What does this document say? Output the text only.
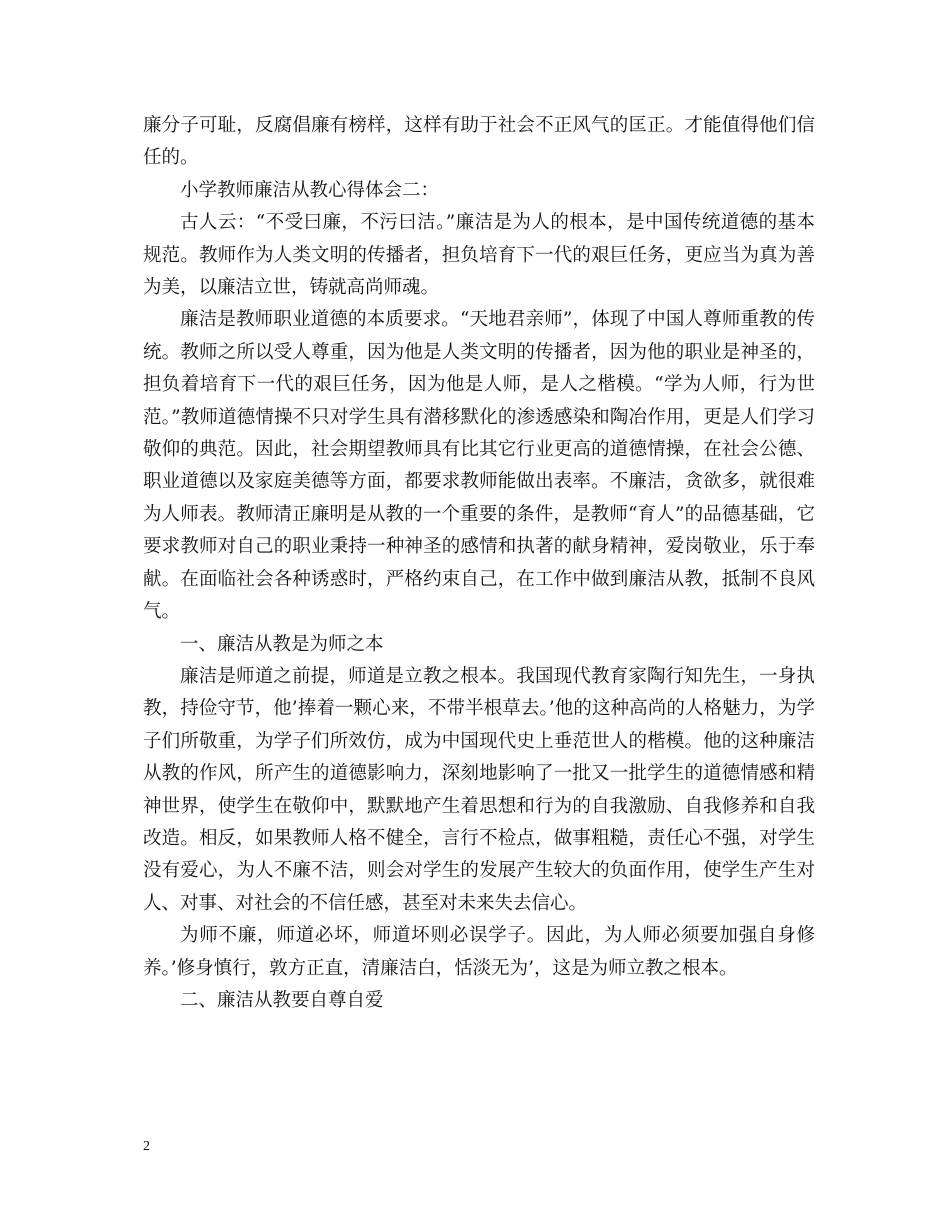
廉分子可耻，反腐倡廉有榜样，这样有助于社会不正风气的匡正。才能值得他们信任的。

小学教师廉洁从教心得体会二：

古人云：“不受曰廉，不污曰洁。”廉洁是为人的根本，是中国传统道德的基本规范。教师作为人类文明的传播者，担负培育下一代的艰巨任务，更应当为真为善为美，以廉洁立世，铸就高尚师魂。

廉洁是教师职业道德的本质要求。“天地君亲师”，体现了中国人尊师重教的传统。教师之所以受人尊重，因为他是人类文明的传播者，因为他的职业是神圣的，担负着培育下一代的艰巨任务，因为他是人师，是人之楷模。“学为人师，行为世范。”教师道德情操不只对学生具有潜移默化的渗透感染和陶冶作用，更是人们学习敬仰的典范。因此，社会期望教师具有比其它行业更高的道德情操，在社会公德、职业道德以及家庭美德等方面，都要求教师能做出表率。不廉洁，贪欲多，就很难为人师表。教师清正廉明是从教的一个重要的条件，是教师“育人”的品德基础，它要求教师对自己的职业秉持一种神圣的感情和执著的献身精神，爱岗敬业，乐于奉献。在面临社会各种诱惑时，严格约束自己，在工作中做到廉洁从教，抵制不良风气。

一、廉洁从教是为师之本

廉洁是师道之前提，师道是立教之根本。我国现代教育家陶行知先生，一身执教，持俭守节，他’捧着一颗心来，不带半根草去。’他的这种高尚的人格魅力，为学子们所敬重，为学子们所效仿，成为中国现代史上垂范世人的楷模。他的这种廉洁从教的作风，所产生的道德影响力，深刻地影响了一批又一批学生的道德情感和精神世界，使学生在敬仰中，默默地产生着思想和行为的自我激励、自我修养和自我改造。相反，如果教师人格不健全，言行不检点，做事粗糙，责任心不强，对学生没有爱心，为人不廉不洁，则会对学生的发展产生较大的负面作用，使学生产生对人、对事、对社会的不信任感，甚至对未来失去信心。

为师不廉，师道必坏，师道坏则必误学子。因此，为人师必须要加强自身修养。’修身慎行，敦方正直，清廉洁白，恬淡无为’，这是为师立教之根本。

二、廉洁从教要自尊自爱

2
